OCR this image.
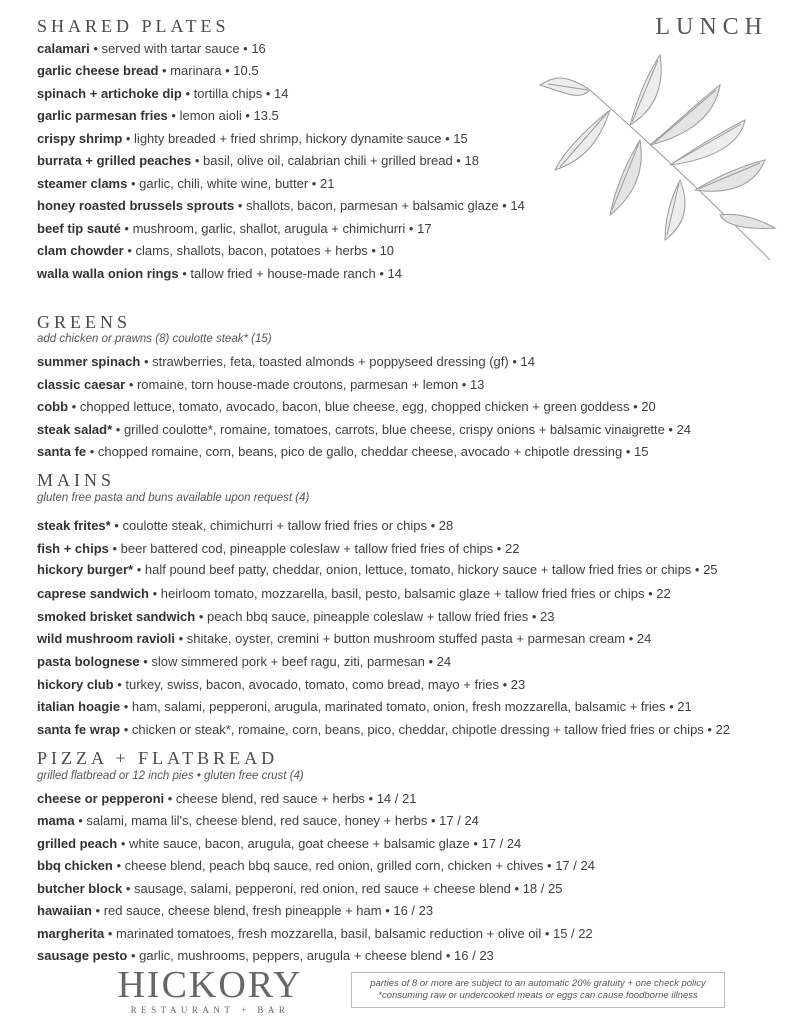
LUNCH
SHARED PLATES
calamari • served with tartar sauce • 16
garlic cheese bread • marinara • 10.5
spinach + artichoke dip • tortilla chips • 14
garlic parmesan fries • lemon aioli • 13.5
crispy shrimp • lighty breaded + fried shrimp, hickory dynamite sauce • 15
burrata + grilled peaches • basil, olive oil, calabrian chili + grilled bread • 18
steamer clams • garlic, chili, white wine, butter • 21
honey roasted brussels sprouts • shallots, bacon, parmesan + balsamic glaze • 14
beef tip sauté • mushroom, garlic, shallot, arugula + chimichurri • 17
clam chowder • clams, shallots, bacon, potatoes + herbs • 10
walla walla onion rings • tallow fried + house-made ranch • 14
GREENS
add chicken or prawns (8) coulotte steak* (15)
summer spinach • strawberries, feta, toasted almonds + poppyseed dressing (gf) • 14
classic caesar • romaine, torn house-made croutons, parmesan + lemon • 13
cobb • chopped lettuce, tomato, avocado, bacon, blue cheese, egg, chopped chicken + green goddess • 20
steak salad* • grilled coulotte*, romaine, tomatoes, carrots, blue cheese, crispy onions + balsamic vinaigrette • 24
santa fe • chopped romaine, corn, beans, pico de gallo, cheddar cheese, avocado + chipotle dressing • 15
MAINS
gluten free pasta and buns available upon request (4)
steak frites* • coulotte steak, chimichurri + tallow fried fries or chips • 28
fish + chips • beer battered cod, pineapple coleslaw + tallow fried fries of chips • 22
hickory burger* • half pound beef patty, cheddar, onion, lettuce, tomato, hickory sauce + tallow fried fries or chips • 25
caprese sandwich • heirloom tomato, mozzarella, basil, pesto, balsamic glaze + tallow fried fries or chips • 22
smoked brisket sandwich • peach bbq sauce, pineapple coleslaw + tallow fried fries • 23
wild mushroom ravioli • shitake, oyster, cremini + button mushroom stuffed pasta + parmesan cream • 24
pasta bolognese • slow simmered pork + beef ragu, ziti, parmesan • 24
hickory club • turkey, swiss, bacon, avocado, tomato, como bread, mayo + fries • 23
italian hoagie • ham, salami, pepperoni, arugula, marinated tomato, onion, fresh mozzarella, balsamic + fries • 21
santa fe wrap • chicken or steak*, romaine, corn, beans, pico, cheddar, chipotle dressing + tallow fried fries or chips • 22
PIZZA + FLATBREAD
grilled flatbread or 12 inch pies • gluten free crust (4)
cheese or pepperoni • cheese blend, red sauce + herbs • 14 / 21
mama • salami, mama lil's, cheese blend, red sauce, honey + herbs • 17 / 24
grilled peach • white sauce, bacon, arugula, goat cheese + balsamic glaze • 17 / 24
bbq chicken • cheese blend, peach bbq sauce, red onion, grilled corn, chicken + chives • 17 / 24
butcher block • sausage, salami, pepperoni, red onion, red sauce + cheese blend • 18 / 25
hawaiian • red sauce, cheese blend, fresh pineapple + ham • 16 / 23
margherita • marinated tomatoes, fresh mozzarella, basil, balsamic reduction + olive oil • 15 / 22
sausage pesto • garlic, mushrooms, peppers, arugula + cheese blend • 16 / 23
HICKORY
RESTAURANT + BAR
parties of 8 or more are subject to an automatic 20% gratuity + one check policy
*consuming raw or undercooked meats or eggs can cause foodborne illness
